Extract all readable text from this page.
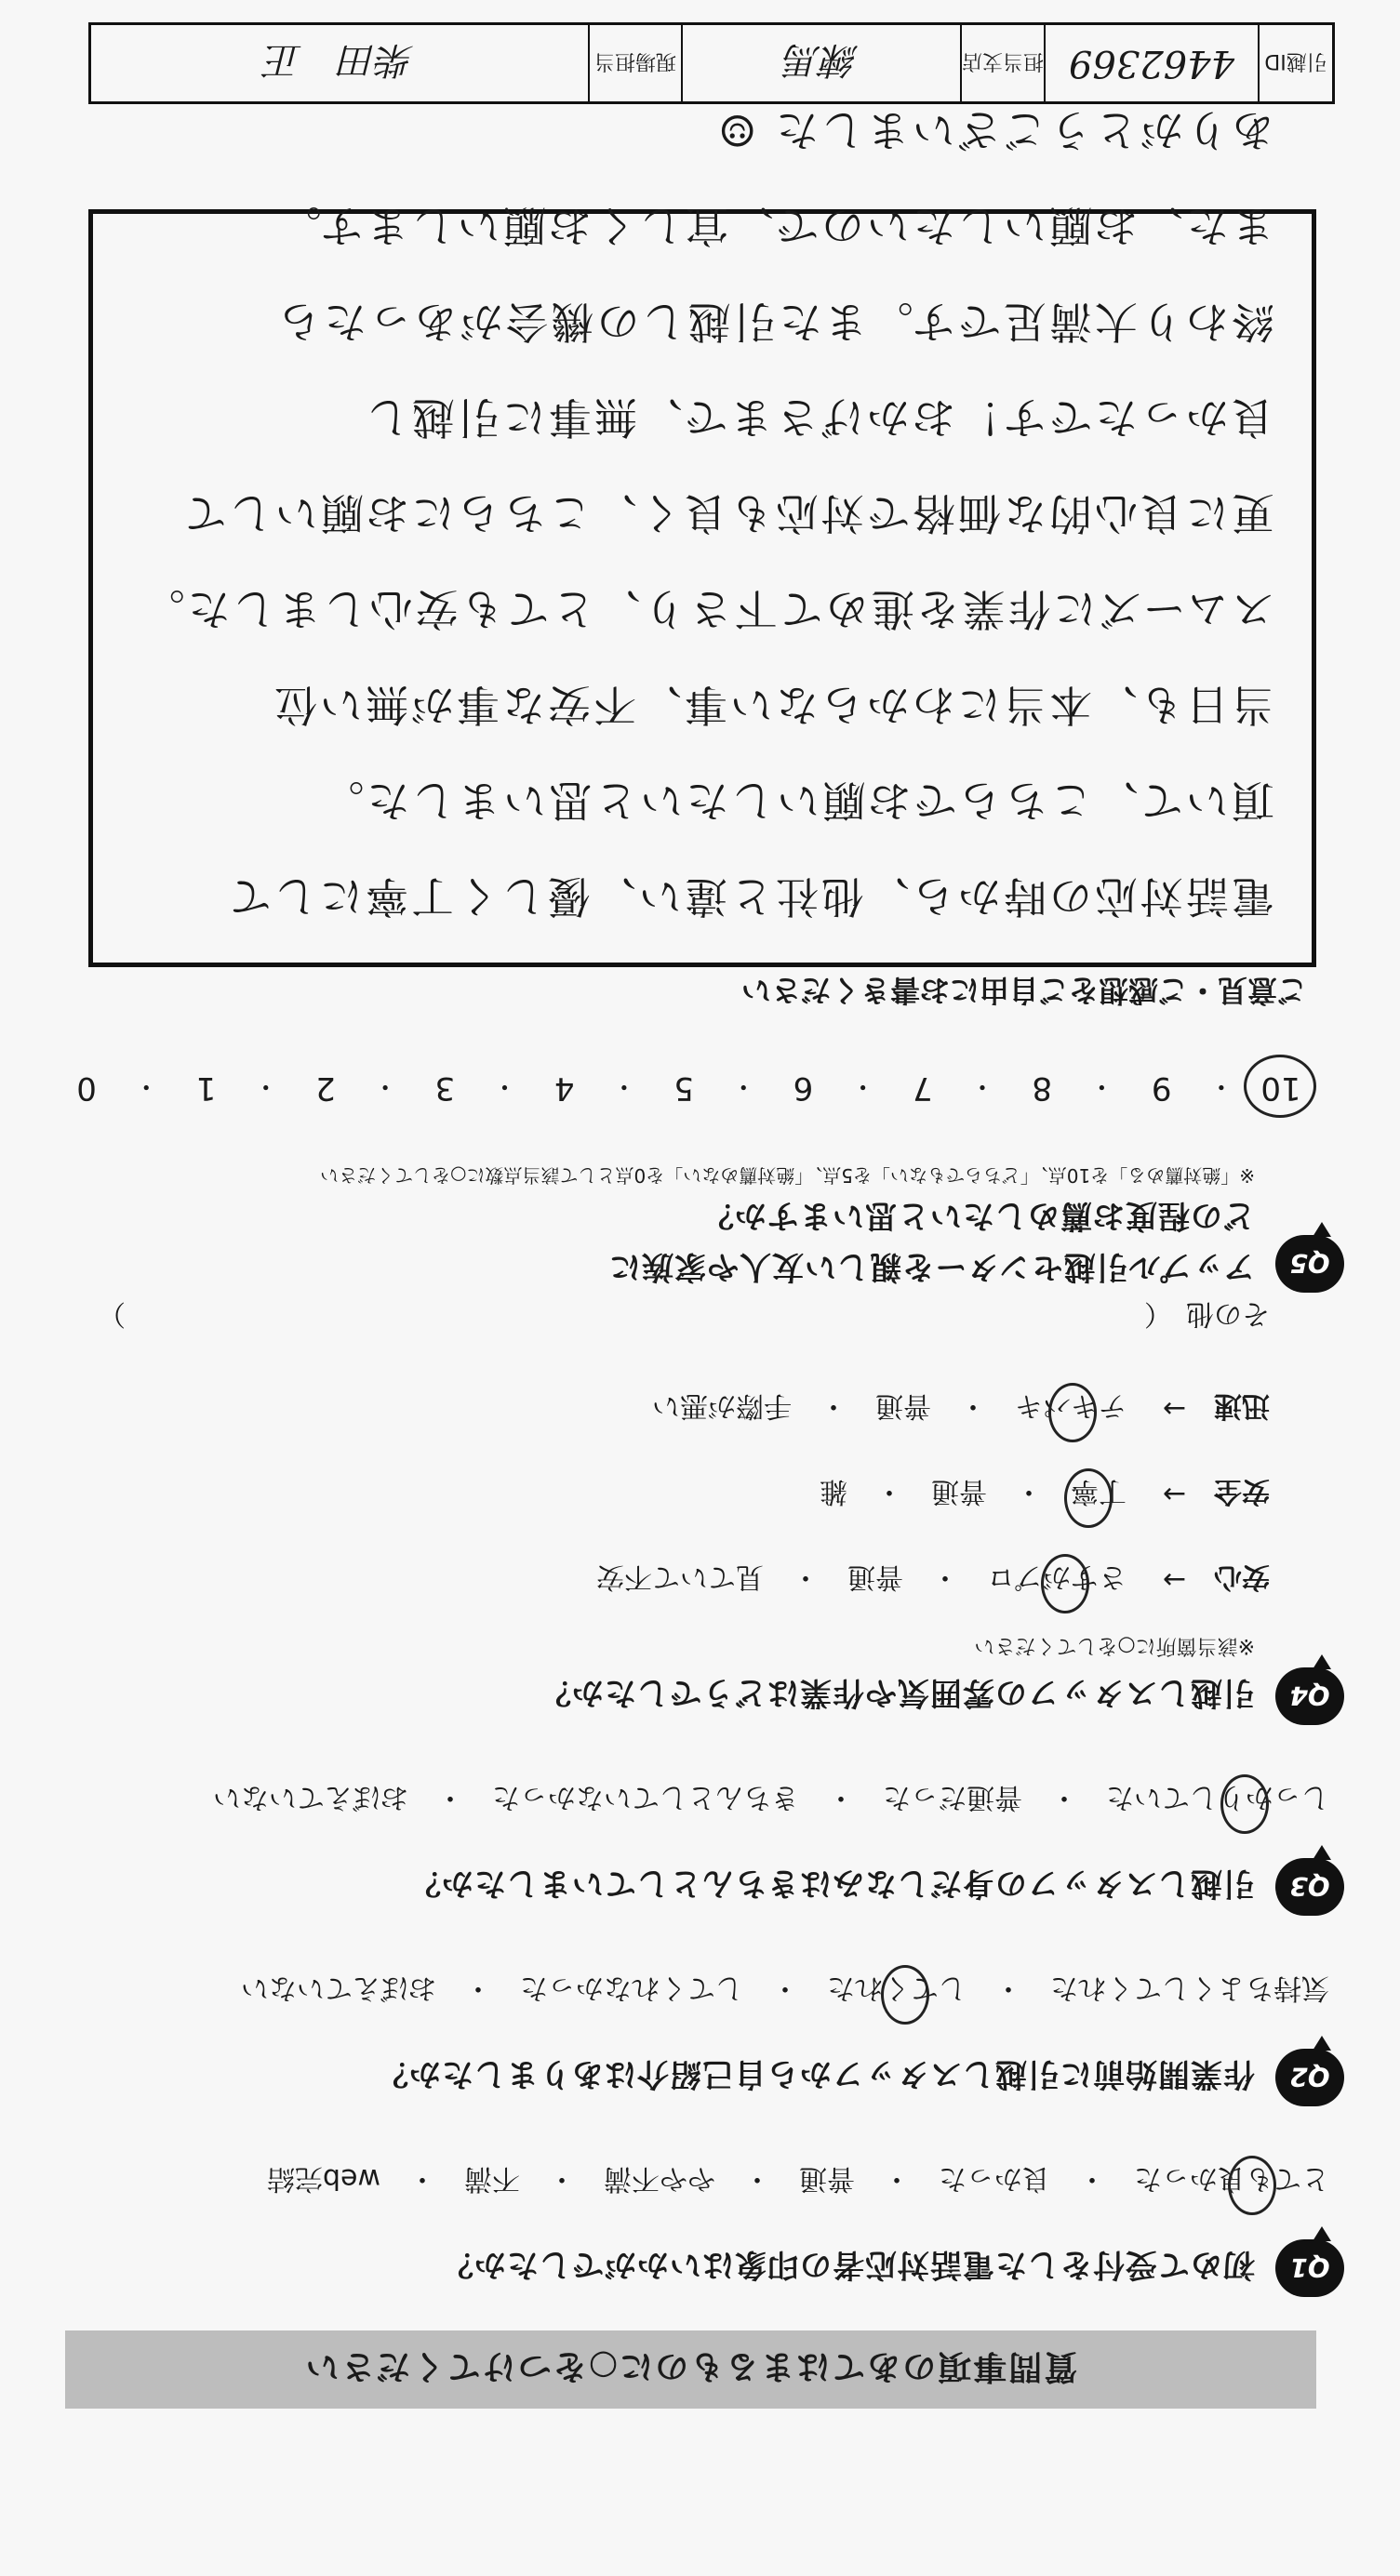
質問事項のあてはまるものに○をつけてください
Q1
初めて受付をした電話対応者の印象はいかがでしたか？
とても良かった
・
良かった
・
普通
・
やや不満
・
不満
・
web完結
Q2
作業開始前に引越しスタッフから自己紹介はありましたか？
気持ちよくしてくれた
・
してくれた
・
してくれなかった
・
おぼえていない
Q3
引越しスタッフの身だしなみはきちんとしていましたか？
しっかりしていた
・
普通だった
・
きちんとしていなかった
・
おぼえていない
Q4
引越しスタッフの雰囲気や作業はどうでしたか？
※該当箇所に○をしてください
安心
→
さすがプロ
・
普通
・
見ていて不安
安全
→
丁寧
・
普通
・
雑
迅速
→
テキパキ
・
普通
・
手際が悪い
その他　（
）
Q5
アップル引越センターを親しい友人や家族に
どの程度お薦めしたいと思いますか？
※「絶対薦める」を10点、「どちらでもない」を5点、「絶対薦めない」を0点として該当点数に○をしてください
10
・
9
・
8
・
7
・
6
・
5
・
4
・
3
・
2
・
1
・
0
ご意見・ご感想をご自由にお書きください

電話対応の時から、他社と違い、優しく丁寧にして

頂いて、こちらでお願いしたいと思いました。

当日も、本当にわからない事、不安な事が無い位

スムーズに作業を進めて下さり、とても安心しました。

更に良心的な価格で対応も良く、こちらにお願いして

良かったです！おかげさまで、無事に引越し

終わり大満足です。また引越しの機会があったら

また、お願いしたいので、宜しくお願いします。

ありがとうございました ☺

引越ID
4462369
担当支店
練馬
現場担当
柴田　正
